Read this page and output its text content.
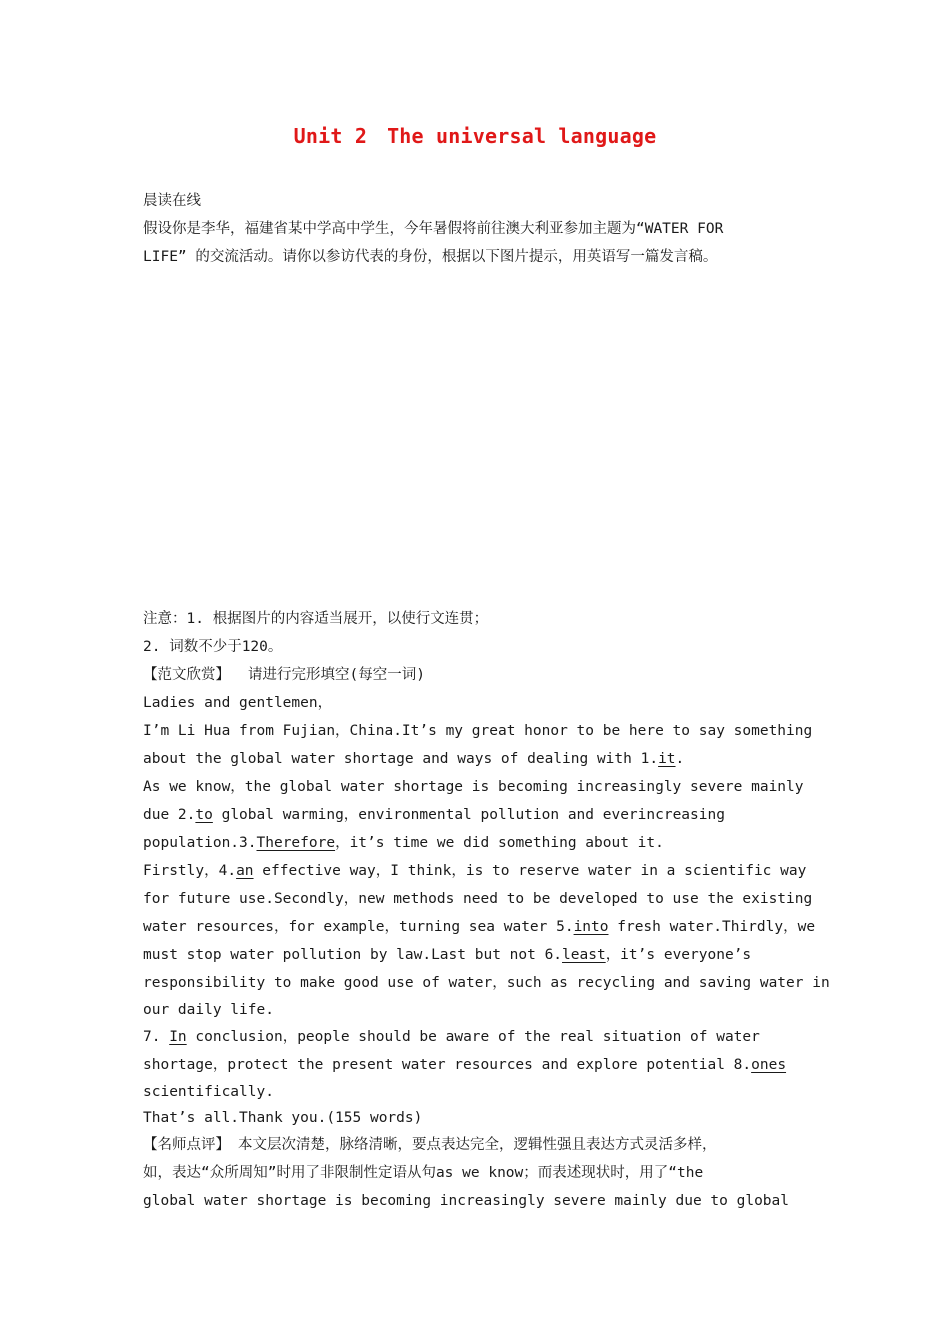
Unit 2 The universal language
晨读在线
假设你是李华，福建省某中学高中学生，今年暑假将前往澳大利亚参加主题为“WATER FOR
LIFE” 的交流活动。请你以参访代表的身份，根据以下图片提示，用英语写一篇发言稿。
注意：1. 根据图片的内容适当展开，以使行文连贯；
2. 词数不少于120。
【范文欣赏】 请进行完形填空(每空一词)
Ladies and gentlemen，
I’m Li Hua from Fujian，China.It’s my great honor to be here to say something
about the global water shortage and ways of dealing with 1.it.
As we know，the global water shortage is becoming increasingly severe mainly
due 2.to global warming，environmental pollution and everincreasing
population.3.Therefore，it’s time we did something about it.
Firstly，4.an effective way，I think，is to reserve water in a scientific way
for future use.Secondly，new methods need to be developed to use the existing
water resources，for example，turning sea water 5.into fresh water.Thirdly，we
must stop water pollution by law.Last but not 6.least，it’s everyone’s
responsibility to make good use of water，such as recycling and saving water in
our daily life.
7. In conclusion，people should be aware of the real situation of water
shortage，protect the present water resources and explore potential 8.ones
scientifically.
That’s all.Thank you.(155 words)
【名师点评】 本文层次清楚，脉络清晰，要点表达完全，逻辑性强且表达方式灵活多样，
如，表达“众所周知”时用了非限制性定语从句as we know；而表述现状时，用了“the
global water shortage is becoming increasingly severe mainly due to global
